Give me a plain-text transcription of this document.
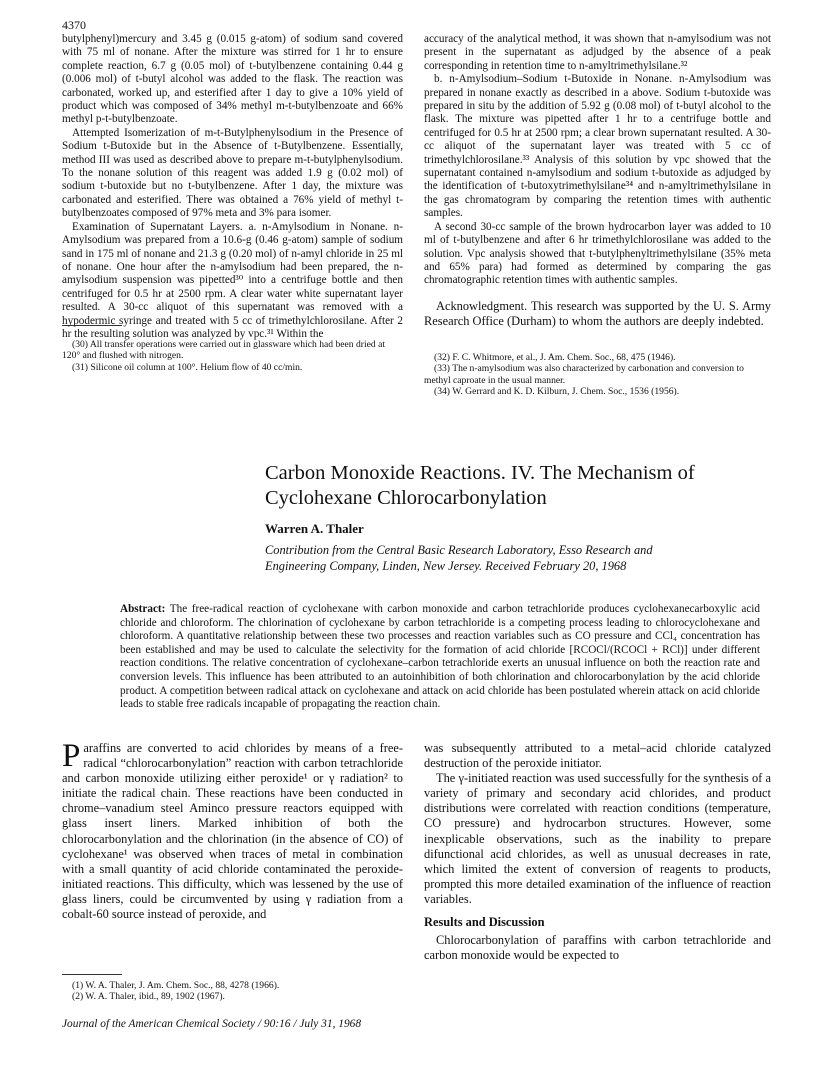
4370

butylphenyl)mercury and 3.45 g (0.015 g-atom) of sodium sand covered with 75 ml of nonane. After the mixture was stirred for 1 hr to ensure complete reaction, 6.7 g (0.05 mol) of t-butylbenzene containing 0.44 g (0.006 mol) of t-butyl alcohol was added to the flask. The reaction was carbonated, worked up, and esterified after 1 day to give a 10% yield of product which was composed of 34% methyl m-t-butylbenzoate and 66% methyl p-t-butylbenzoate.

Attempted Isomerization of m-t-Butylphenylsodium in the Presence of Sodium t-Butoxide but in the Absence of t-Butylbenzene. Essentially, method III was used as described above to prepare m-t-butylphenylsodium. To the nonane solution of this reagent was added 1.9 g (0.02 mol) of sodium t-butoxide but no t-butylbenzene. After 1 day, the mixture was carbonated and esterified. There was obtained a 76% yield of methyl t-butylbenzoates composed of 97% meta and 3% para isomer.

Examination of Supernatant Layers. a. n-Amylsodium in Nonane. n-Amylsodium was prepared from a 10.6-g (0.46 g-atom) sample of sodium sand in 175 ml of nonane and 21.3 g (0.20 mol) of n-amyl chloride in 25 ml of nonane. One hour after the n-amylsodium had been prepared, the n-amylsodium suspension was pipetted³⁰ into a centrifuge bottle and then centrifuged for 0.5 hr at 2500 rpm. A clear water white supernatant layer resulted. A 30-cc aliquot of this supernatant was removed with a hypodermic syringe and treated with 5 cc of trimethylchlorosilane. After 2 hr the resulting solution was analyzed by vpc.³¹ Within the

(30) All transfer operations were carried out in glassware which had been dried at 120° and flushed with nitrogen.

(31) Silicone oil column at 100°. Helium flow of 40 cc/min.

accuracy of the analytical method, it was shown that n-amylsodium was not present in the supernatant as adjudged by the absence of a peak corresponding in retention time to n-amyltrimethylsilane.³²

b. n-Amylsodium–Sodium t-Butoxide in Nonane. n-Amylsodium was prepared in nonane exactly as described in a above. Sodium t-butoxide was prepared in situ by the addition of 5.92 g (0.08 mol) of t-butyl alcohol to the flask. The mixture was pipetted after 1 hr to a centrifuge bottle and centrifuged for 0.5 hr at 2500 rpm; a clear brown supernatant resulted. A 30-cc aliquot of the supernatant layer was treated with 5 cc of trimethylchlorosilane.³³ Analysis of this solution by vpc showed that the supernatant contained n-amylsodium and sodium t-butoxide as adjudged by the identification of t-butoxytrimethylsilane³⁴ and n-amyltrimethylsilane in the gas chromatogram by comparing the retention times with authentic samples.

A second 30-cc sample of the brown hydrocarbon layer was added to 10 ml of t-butylbenzene and after 6 hr trimethylchlorosilane was added to the solution. Vpc analysis showed that t-butylphenyltrimethylsilane (35% meta and 65% para) had formed as determined by comparing the gas chromatographic retention times with authentic samples.

Acknowledgment. This research was supported by the U. S. Army Research Office (Durham) to whom the authors are deeply indebted.

(32) F. C. Whitmore, et al., J. Am. Chem. Soc., 68, 475 (1946).

(33) The n-amylsodium was also characterized by carbonation and conversion to methyl caproate in the usual manner.

(34) W. Gerrard and K. D. Kilburn, J. Chem. Soc., 1536 (1956).

Carbon Monoxide Reactions. IV. The Mechanism of
Cyclohexane Chlorocarbonylation
Warren A. Thaler
Contribution from the Central Basic Research Laboratory, Esso Research and
Engineering Company, Linden, New Jersey. Received February 20, 1968
Abstract: The free-radical reaction of cyclohexane with carbon monoxide and carbon tetrachloride produces cyclohexanecarboxylic acid chloride and chloroform. The chlorination of cyclohexane by carbon tetrachloride is a competing process leading to chlorocyclohexane and chloroform. A quantitative relationship between these two processes and reaction variables such as CO pressure and CCl₄ concentration has been established and may be used to calculate the selectivity for the formation of acid chloride [RCOCl/(RCOCl + RCl)] under different reaction conditions. The relative concentration of cyclohexane–carbon tetrachloride exerts an unusual influence on both the reaction rate and conversion levels. This influence has been attributed to an autoinhibition of both chlorination and chlorocarbonylation by the acid chloride product. A competition between radical attack on cyclohexane and attack on acid chloride has been postulated wherein attack on acid chloride leads to stable free radicals incapable of propagating the reaction chain.
Paraffins are converted to acid chlorides by means of a free-radical “chlorocarbonylation” reaction with carbon tetrachloride and carbon monoxide utilizing either peroxide¹ or γ radiation² to initiate the radical chain. These reactions have been conducted in chrome–vanadium steel Aminco pressure reactors equipped with glass insert liners. Marked inhibition of both the chlorocarbonylation and the chlorination (in the absence of CO) of cyclohexane¹ was observed when traces of metal in combination with a small quantity of acid chloride contaminated the peroxide-initiated reactions. This difficulty, which was lessened by the use of glass liners, could be circumvented by using γ radiation from a cobalt-60 source instead of peroxide, and

(1) W. A. Thaler, J. Am. Chem. Soc., 88, 4278 (1966).

(2) W. A. Thaler, ibid., 89, 1902 (1967).

was subsequently attributed to a metal–acid chloride catalyzed destruction of the peroxide initiator.

The γ-initiated reaction was used successfully for the synthesis of a variety of primary and secondary acid chlorides, and product distributions were correlated with reaction conditions (temperature, CO pressure) and hydrocarbon structures. However, some inexplicable observations, such as the inability to prepare difunctional acid chlorides, as well as unusual decreases in rate, which limited the extent of conversion of reagents to products, prompted this more detailed examination of the influence of reaction variables.

Results and Discussion

Chlorocarbonylation of paraffins with carbon tetrachloride and carbon monoxide would be expected to

Journal of the American Chemical Society / 90:16 / July 31, 1968
